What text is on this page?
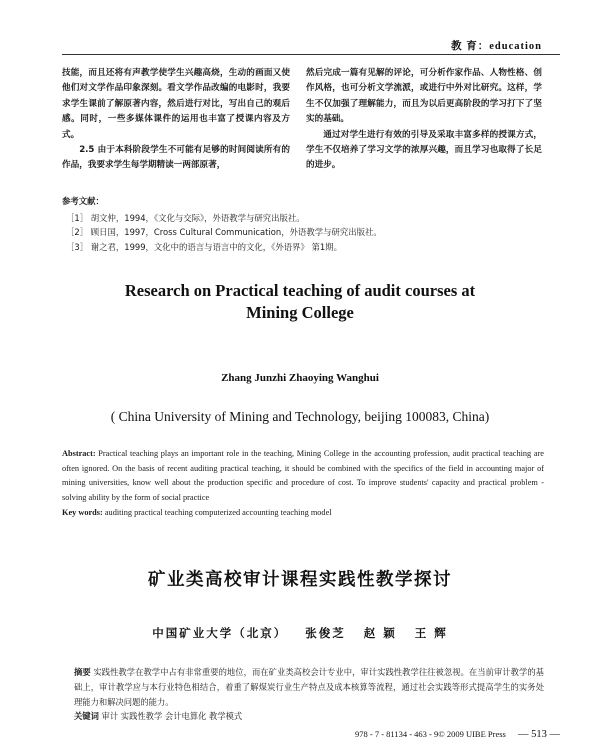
教 育：education

技能，而且还将有声教学使学生兴趣高烧，生动的画面又使他们对文学作品印象深刻。看文学作品改编的电影时，我要求学生课前了解原著内容，然后进行对比，写出自己的观后感。同时，一些多媒体课件的运用也丰富了授课内容及方式。

2.5 由于本科阶段学生不可能有足够的时间阅读所有的作品，我要求学生每学期精读一两部原著，

然后完成一篇有见解的评论，可分析作家作品、人物性格、创作风格，也可分析文学流派，或进行中外对比研究。这样，学生不仅加强了理解能力，而且为以后更高阶段的学习打下了坚实的基础。

通过对学生进行有效的引导及采取丰富多样的授课方式，学生不仅培养了学习文学的浓厚兴趣，而且学习也取得了长足的进步。

参考文献：
［1］ 胡文仲，1994，《文化与交际》，外语教学与研究出版社。
［2］ 顾日国，1997，Cross Cultural Communication，外语教学与研究出版社。
［3］ 谢之君，1999，文化中的语言与语言中的文化，《外语界》 第1期。
Research on Practical teaching of audit courses at
Mining College
Zhang Junzhi Zhaoying Wanghui
( China University of Mining and Technology, beijing 100083, China)

Abstract: Practical teaching plays an important role in the teaching, Mining College in the accounting profession, audit practical teaching are often ignored. On the basis of recent auditing practical teaching, it should be combined with the specifics of the field in accounting major of mining universities, know well about the production specific and procedure of cost. To improve students' capacity and practical problem - solving ability by the form of social practice

Key words: auditing practical teaching computerized accounting teaching model

矿业类高校审计课程实践性教学探讨
中国矿业大学（北京） 张俊芝 赵 颖 王 辉

摘要 实践性教学在教学中占有非常重要的地位，而在矿业类高校会计专业中，审计实践性教学往往被忽视。在当前审计教学的基础上，审计教学应与本行业特色相结合，着重了解煤炭行业生产特点及成本核算等流程，通过社会实践等形式提高学生的实务处理能力和解决问题的能力。

关键词 审计 实践性教学 会计电算化 教学模式

978 - 7 - 81134 - 463 - 9© 2009 UIBE Press — 513 —
